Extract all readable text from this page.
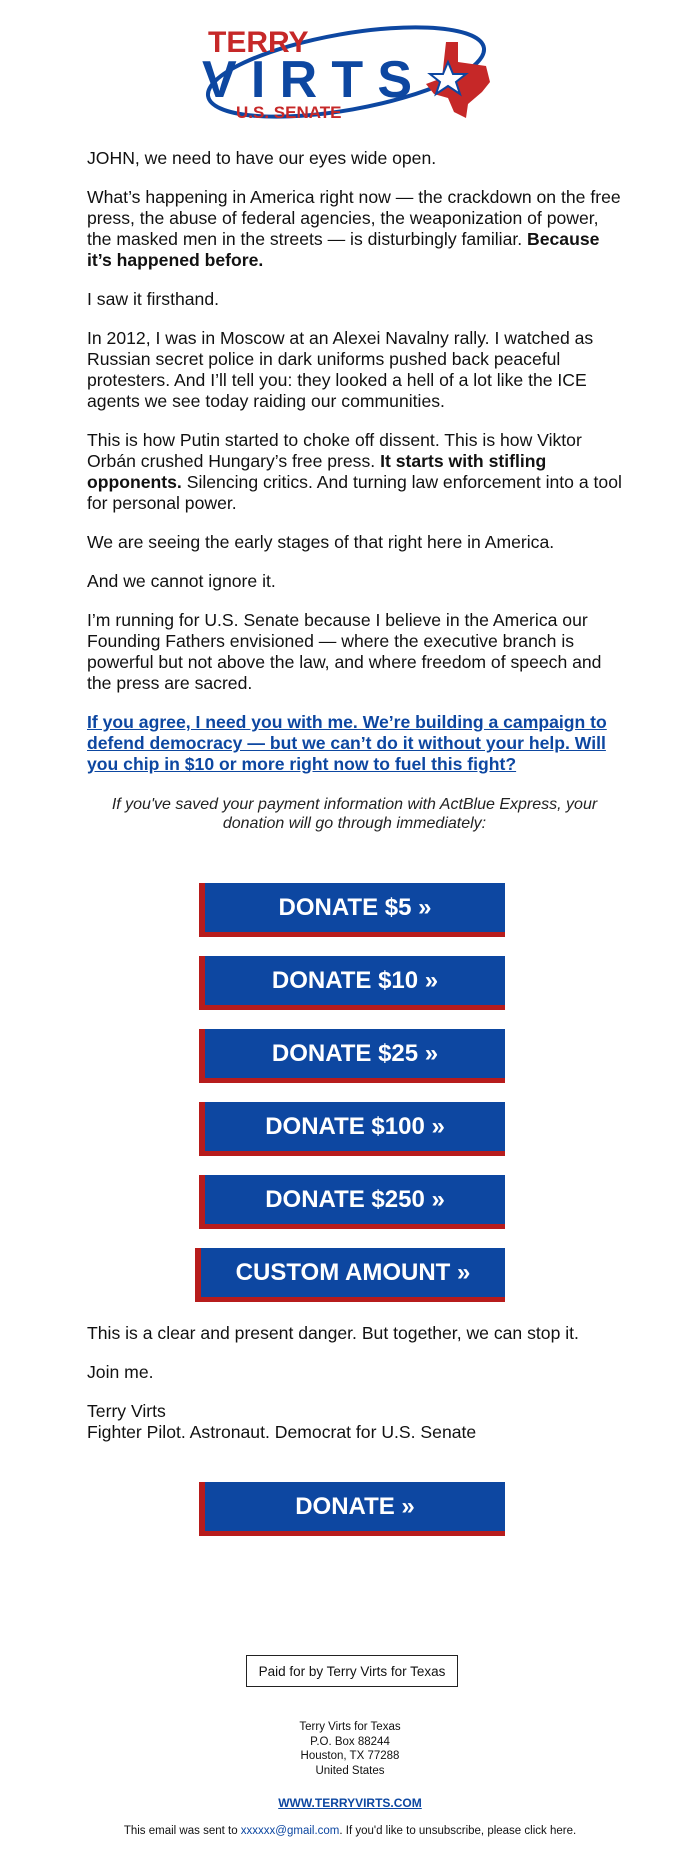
TERRY
VIRTS
U.S. SENATE

JOHN, we need to have our eyes wide open.

What’s happening in America right now — the crackdown on the free press, the abuse of federal agencies, the weaponization of power, the masked men in the streets — is disturbingly familiar. Because it’s happened before.

I saw it firsthand.

In 2012, I was in Moscow at an Alexei Navalny rally. I watched as Russian secret police in dark uniforms pushed back peaceful protesters. And I’ll tell you: they looked a hell of a lot like the ICE agents we see today raiding our communities.

This is how Putin started to choke off dissent. This is how Viktor Orbán crushed Hungary’s free press. It starts with stifling opponents. Silencing critics. And turning law enforcement into a tool for personal power.

We are seeing the early stages of that right here in America.

And we cannot ignore it.

I’m running for U.S. Senate because I believe in the America our Founding Fathers envisioned — where the executive branch is powerful but not above the law, and where freedom of speech and the press are sacred.

If you agree, I need you with me. We’re building a campaign to defend democracy — but we can’t do it without your help. Will you chip in $10 or more right now to fuel this fight?

If you've saved your payment information with ActBlue Express, your donation will go through immediately:

DONATE $5 »
DONATE $10 »
DONATE $25 »
DONATE $100 »
DONATE $250 »
CUSTOM AMOUNT »
This is a clear and present danger. But together, we can stop it.
Join me.
Terry Virts
Fighter Pilot. Astronaut. Democrat for U.S. Senate
DONATE »
Paid for by Terry Virts for Texas
Terry Virts for Texas
P.O. Box 88244
Houston, TX 77288
United States
WWW.TERRYVIRTS.COM
This email was sent to xxxxxx@gmail.com. If you'd like to unsubscribe, please click here.
